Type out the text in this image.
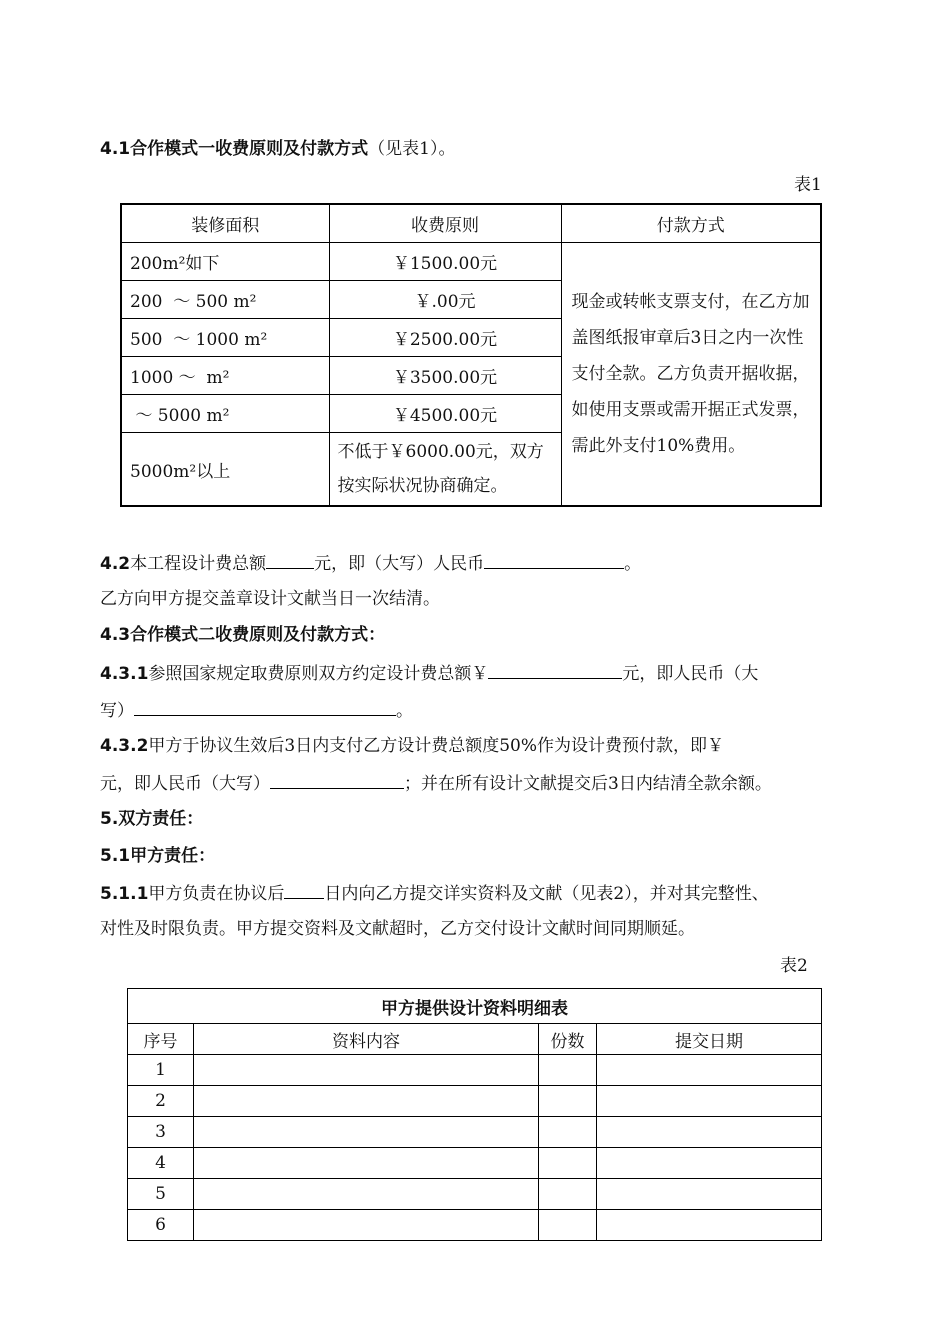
4.1合作模式一收费原则及付款方式（见表1）。
表1
装修面积	收费原则	付款方式
200m²如下	￥1500.00元	现金或转帐支票支付，在乙方加盖图纸报审章后3日之内一次性支付全款。乙方负责开据收据，如使用支票或需开据正式发票，需此外支付10%费用。
200  ～ 500 m²	￥.00元	
500  ～ 1000 m²	￥2500.00元	
1000 ～  m²	￥3500.00元	
～ 5000 m²	￥4500.00元	
5000m²以上	不低于￥6000.00元，双方按实际状况协商确定。	
4.2本工程设计费总额	元，即（大写）人民币	。
乙方向甲方提交盖章设计文献当日一次结清。
4.3合作模式二收费原则及付款方式：
4.3.1参照国家规定取费原则双方约定设计费总额￥	元，即人民币（大
写）	。
4.3.2甲方于协议生效后3日内支付乙方设计费总额度50%作为设计费预付款，即￥
元，即人民币（大写）	；并在所有设计文献提交后3日内结清全款余额。
5.双方责任：
5.1甲方责任：
5.1.1甲方负责在协议后 日内向乙方提交详实资料及文献（见表2），并对其完整性、
对性及时限负责。甲方提交资料及文献超时，乙方交付设计文献时间同期顺延。
表2
甲方提供设计资料明细表			
序号	资料内容	份数	提交日期
1			
2			
3			
4			
5			
6			
